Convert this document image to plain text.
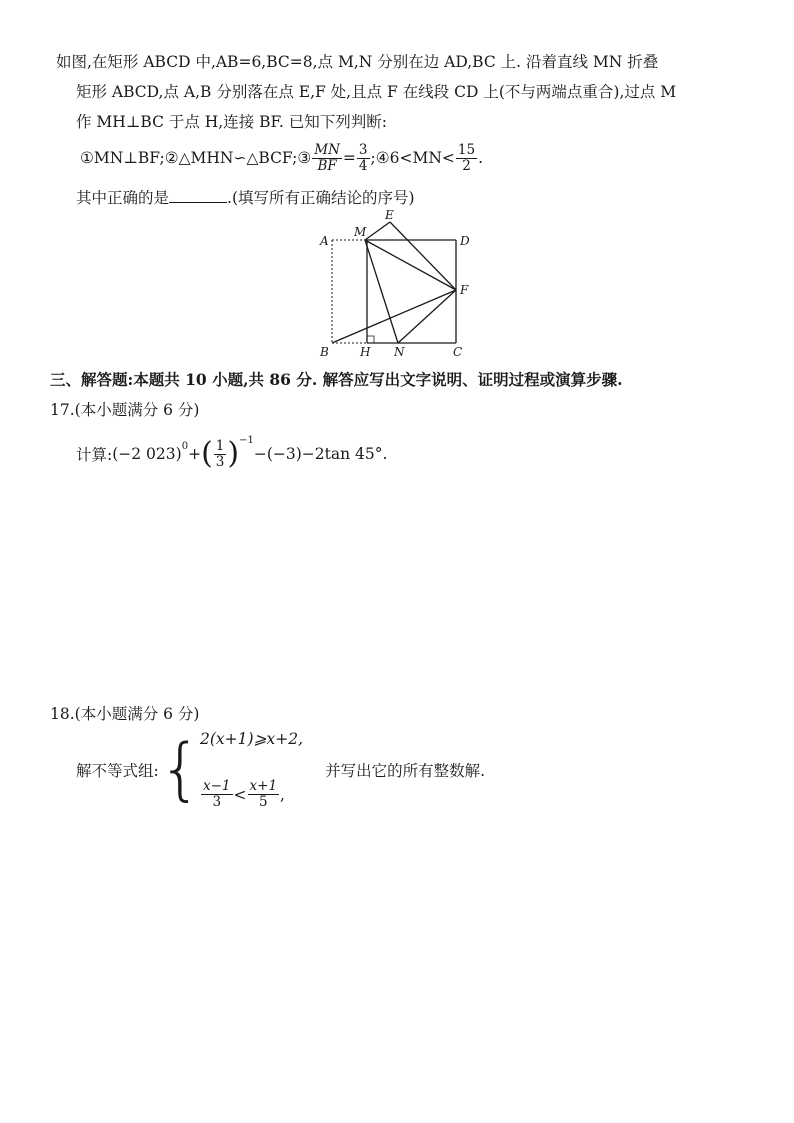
如图,在矩形 ABCD 中,AB=6,BC=8,点 M,N 分别在边 AD,BC 上. 沿着直线 MN 折叠
矩形 ABCD,点 A,B 分别落在点 E,F 处,且点 F 在线段 CD 上(不与两端点重合),过点 M
作 MH⊥BC 于点 H,连接 BF. 已知下列判断:
①MN⊥BF;②△MHN∽△BCF;③ $\frac{MN}{BF} = \frac{3}{4}$ ;④6<MN< $\frac{15}{2}$ .
其中正确的是	.(填写所有正确结论的序号)
A
M
E
D
F
B	H N	C
三、解答题:本题共 10 小题,共 86 分. 解答应写出文字说明、证明过程或演算步骤.
17.(本小题满分 6 分)
计算: (−2 023) 0 + ( $\frac{1}{3}$ ) −1
−(−3)−2tan 45°.
18.(本小题满分 6 分)
解不等式组: {
2(x+1)⩾x+2,
$\frac{x-1}{3} < \frac{x+1}{5}$ ,
并写出它的所有整数解.
